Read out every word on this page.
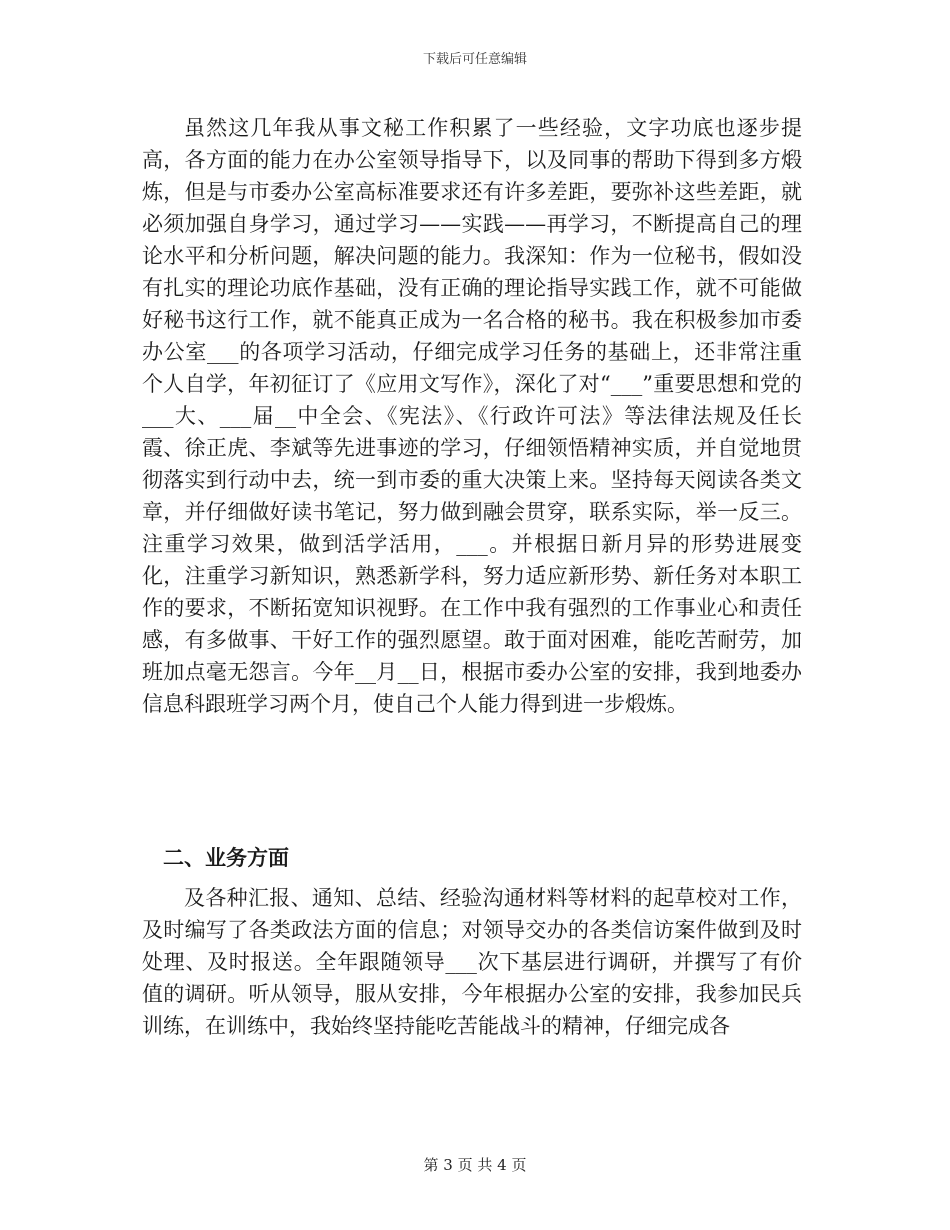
下载后可任意编辑

虽然这几年我从事文秘工作积累了一些经验，文字功底也逐步提高，各方面的能力在办公室领导指导下，以及同事的帮助下得到多方煅炼，但是与市委办公室高标准要求还有许多差距，要弥补这些差距，就必须加强自身学习，通过学习——实践——再学习，不断提高自己的理论水平和分析问题，解决问题的能力。我深知：作为一位秘书，假如没有扎实的理论功底作基础，没有正确的理论指导实践工作，就不可能做好秘书这行工作，就不能真正成为一名合格的秘书。我在积极参加市委办公室___的各项学习活动，仔细完成学习任务的基础上，还非常注重个人自学，年初征订了《应用文写作》，深化了对“___”重要思想和党的___大、___届__中全会、《宪法》、《行政许可法》等法律法规及任长霞、徐正虎、李斌等先进事迹的学习，仔细领悟精神实质，并自觉地贯彻落实到行动中去，统一到市委的重大决策上来。坚持每天阅读各类文章，并仔细做好读书笔记，努力做到融会贯穿，联系实际，举一反三。注重学习效果，做到活学活用，___。并根据日新月异的形势进展变化，注重学习新知识，熟悉新学科，努力适应新形势、新任务对本职工作的要求，不断拓宽知识视野。在工作中我有强烈的工作事业心和责任感，有多做事、干好工作的强烈愿望。敢于面对困难，能吃苦耐劳，加班加点毫无怨言。今年__月__日，根据市委办公室的安排，我到地委办信息科跟班学习两个月，使自己个人能力得到进一步煅炼。

二、业务方面

及各种汇报、通知、总结、经验沟通材料等材料的起草校对工作，及时编写了各类政法方面的信息；对领导交办的各类信访案件做到及时处理、及时报送。全年跟随领导___次下基层进行调研，并撰写了有价值的调研。听从领导，服从安排，今年根据办公室的安排，我参加民兵训练，在训练中，我始终坚持能吃苦能战斗的精神，仔细完成各

第 3 页 共 4 页
